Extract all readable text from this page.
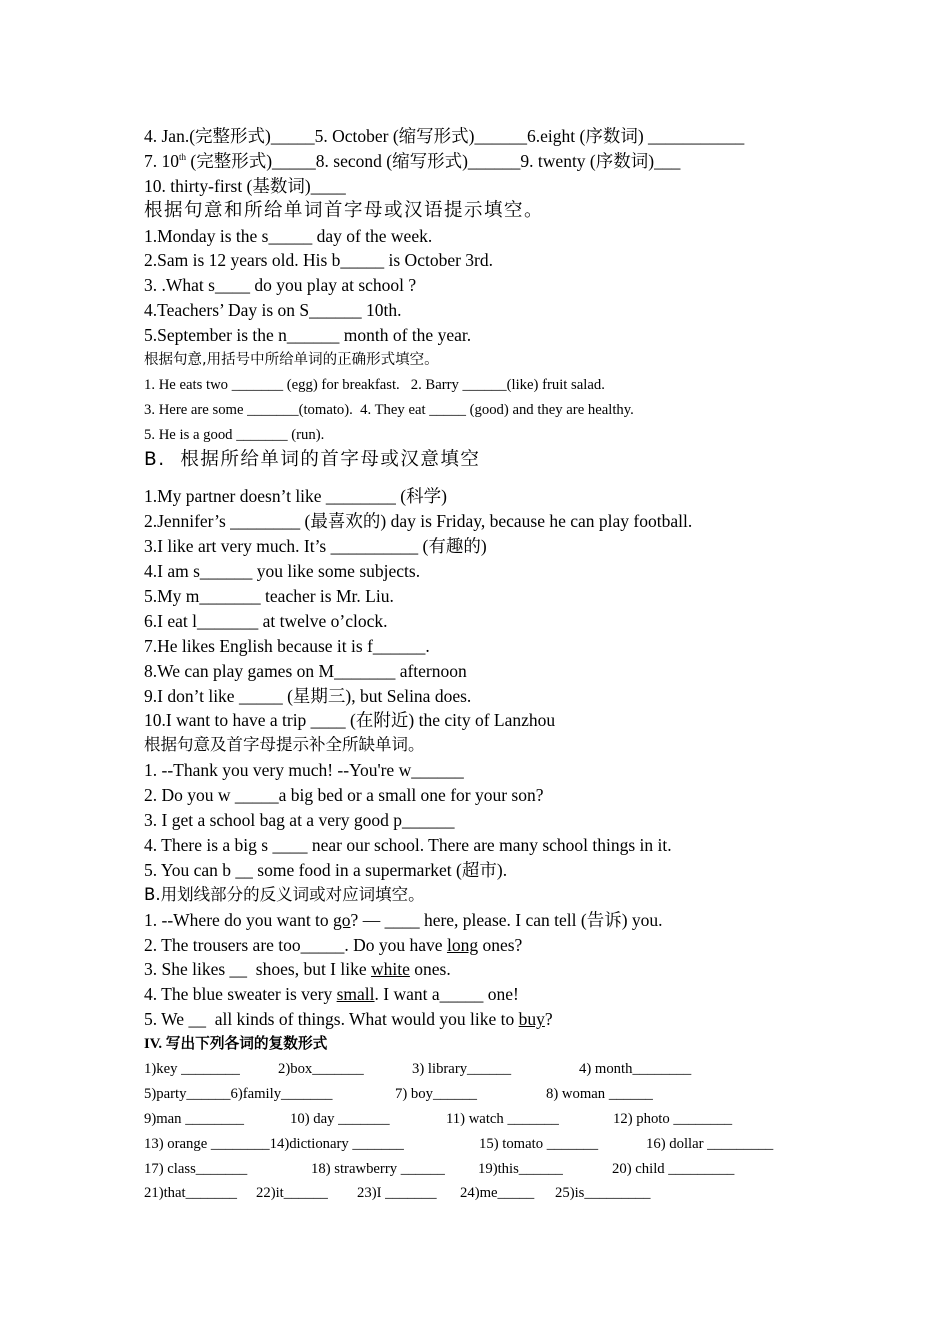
4. Jan.(完整形式)_____5. October (缩写形式)______6.eight (序数词) ___________
7. 10th (完整形式)_____8. second (缩写形式)______9. twenty (序数词)___
10. thirty-first (基数词)____
根据句意和所给单词首字母或汉语提示填空。
1.Monday is the s_____ day of the week.
2.Sam is 12 years old. His b_____ is October 3rd.
3. .What s____ do you play at school ?
4.Teachers’ Day is on S______ 10th.
5.September is the n______ month of the year.
根据句意,用括号中所给单词的正确形式填空。
1. He eats two _______ (egg) for breakfast.   2. Barry ______(like) fruit salad.
3. Here are some _______(tomato).  4. They eat _____ (good) and they are healthy.
5. He is a good _______ (run).
B.  根据所给单词的首字母或汉意填空
1.My partner doesn’t like ________ (科学)
2.Jennifer’s ________ (最喜欢的) day is Friday, because he can play football.
3.I like art very much. It’s __________ (有趣的)
4.I am s______ you like some subjects.
5.My m_______ teacher is Mr. Liu.
6.I eat l_______ at twelve o’clock.
7.He likes English because it is f______.
8.We can play games on M_______ afternoon
9.I don’t like _____ (星期三), but Selina does.
10.I want to have a trip ____ (在附近) the city of Lanzhou
根据句意及首字母提示补全所缺单词。
1. --Thank you very much! --You're w______
2. Do you w _____a big bed or a small one for your son?
3. I get a school bag at a very good p______
4. There is a big s ____ near our school. There are many school things in it.
5. You can b __ some food in a supermarket (超市).
B.用划线部分的反义词或对应词填空。
1. --Where do you want to go? — ____ here, please. I can tell (告诉) you.
2. The trousers are too_____. Do you have long ones?
3. She likes __  shoes, but I like white ones.
4. The blue sweater is very small. I want a_____ one!
5. We __  all kinds of things. What would you like to buy?
IV. 写出下列各词的复数形式
1)key ________	2)box_______	3) library______	4) month________
5)party______6)family_______	7) boy______	8) woman ______
9)man ________	10) day _______	11) watch _______	12) photo ________
13) orange ________14)dictionary _______	15) tomato _______	16) dollar _________
17) class_______	18) strawberry ______	19)this______	20) child _________
21)that_______	22)it______	23)I _______	24)me_____	25)is_________
